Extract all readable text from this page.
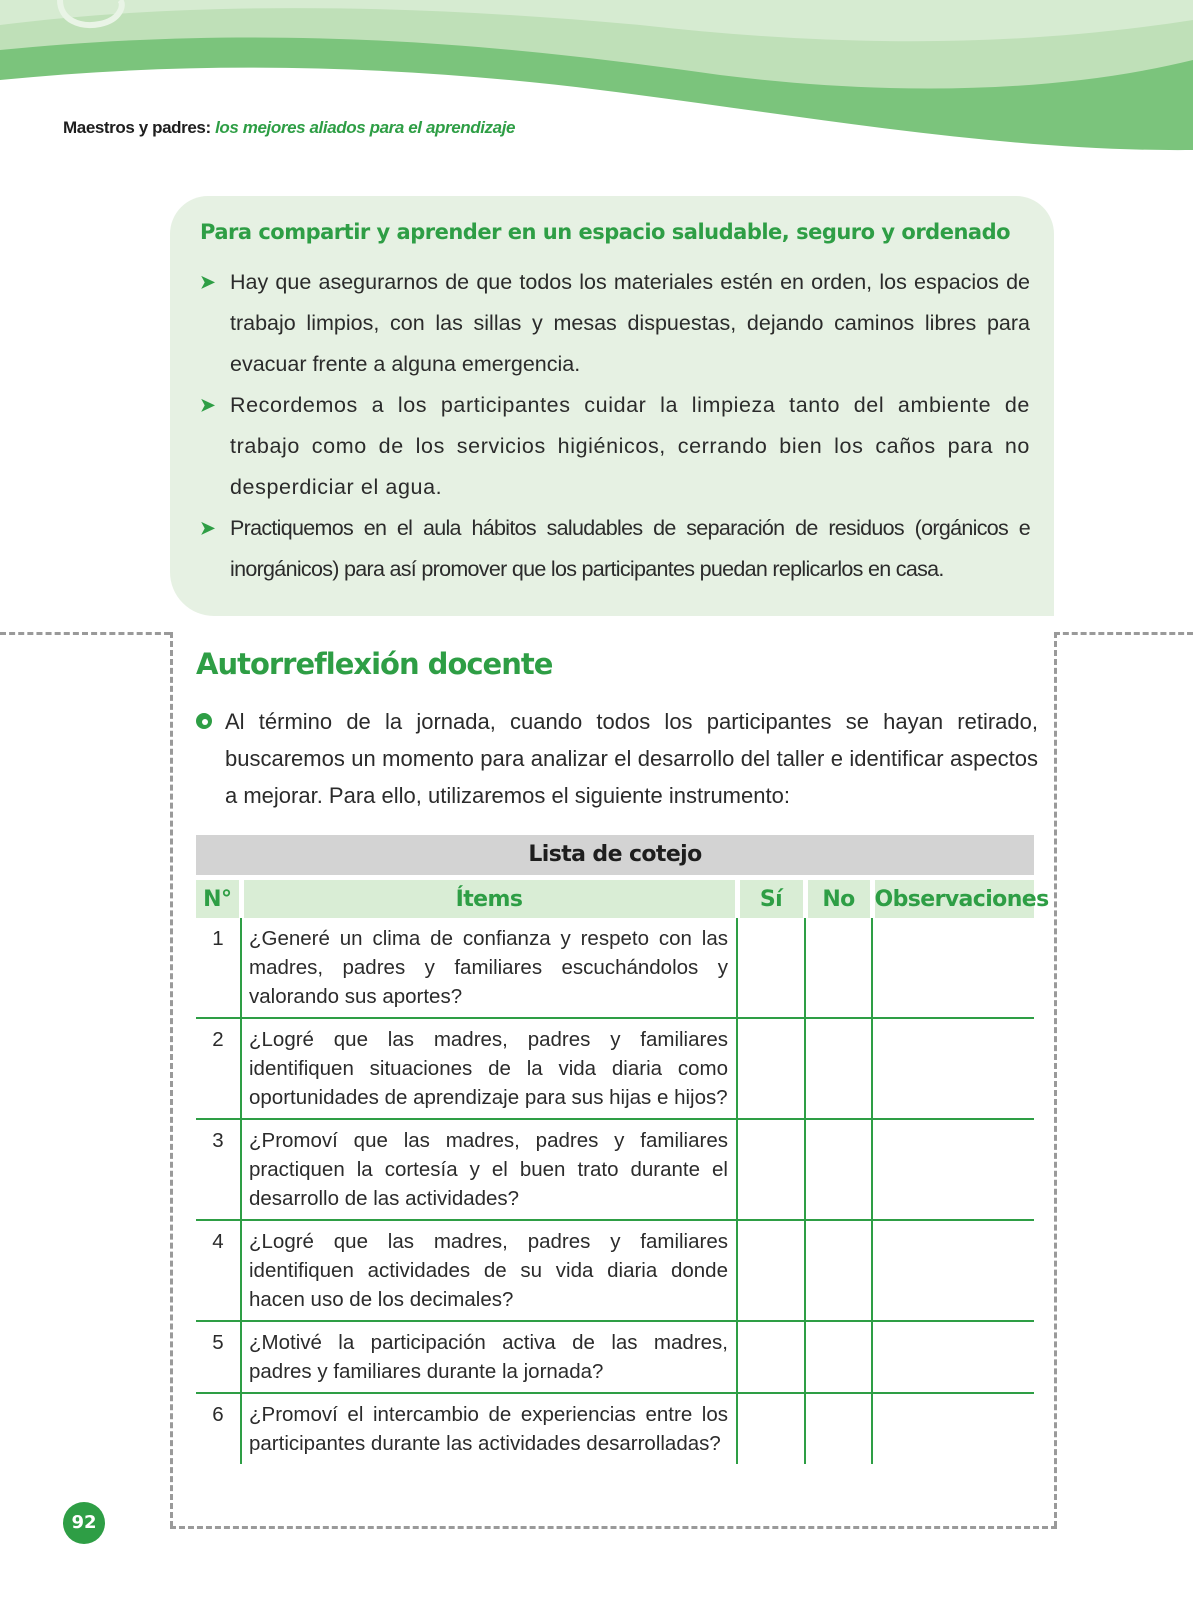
Maestros y padres: los mejores aliados para el aprendizaje
Para compartir y aprender en un espacio saludable, seguro y ordenado
➤ Hay que asegurarnos de que todos los materiales estén en orden, los espacios de trabajo limpios, con las sillas y mesas dispuestas, dejando caminos libres para evacuar frente a alguna emergencia.
➤ Recordemos a los participantes cuidar la limpieza tanto del ambiente de trabajo como de los servicios higiénicos, cerrando bien los caños para no desperdiciar el agua.
➤ Practiquemos en el aula hábitos saludables de separación de residuos (orgánicos e inorgánicos) para así promover que los participantes puedan replicarlos en casa.
Autorreflexión docente
Al término de la jornada, cuando todos los participantes se hayan retirado, buscaremos un momento para analizar el desarrollo del taller e identificar aspectos a mejorar. Para ello, utilizaremos el siguiente instrumento:
Lista de cotejo
N°	Ítems	Sí	No	Observaciones
1	¿Generé un clima de confianza y respeto con las madres, padres y familiares escuchándolos y valorando sus aportes?			
2	¿Logré que las madres, padres y familiares identifiquen situaciones de la vida diaria como oportunidades de aprendizaje para sus hijas e hijos?			
3	¿Promoví que las madres, padres y familiares practiquen la cortesía y el buen trato durante el desarrollo de las actividades?			
4	¿Logré que las madres, padres y familiares identifiquen actividades de su vida diaria donde hacen uso de los decimales?			
5	¿Motivé la participación activa de las madres, padres y familiares durante la jornada?			
6	¿Promoví el intercambio de experiencias entre los participantes durante las actividades desarrolladas?			
92
